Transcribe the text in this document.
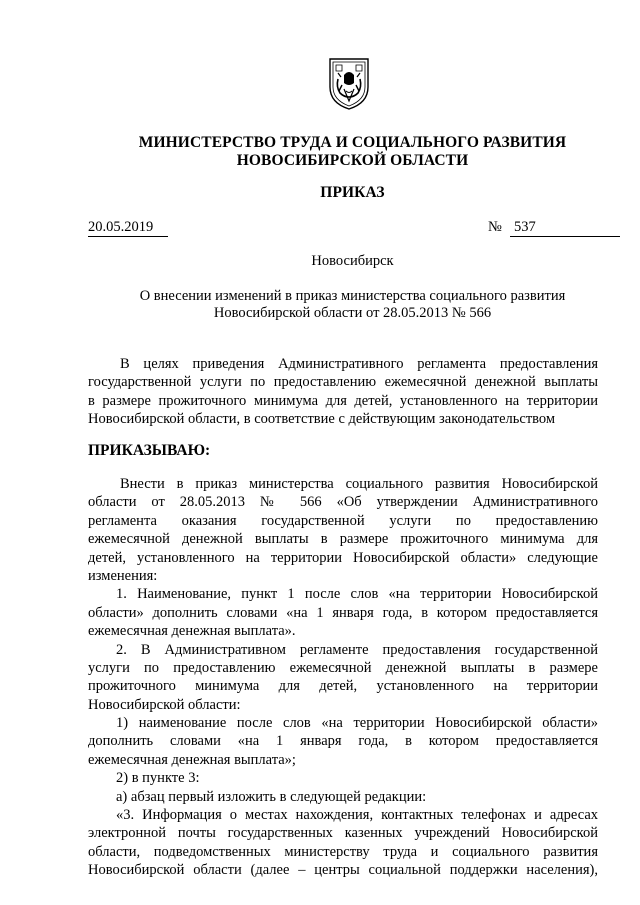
МИНИСТЕРСТВО ТРУДА И СОЦИАЛЬНОГО РАЗВИТИЯ
НОВОСИБИРСКОЙ ОБЛАСТИ
ПРИКАЗ
20.05.2019	№ 537
Новосибирск
О внесении изменений в приказ министерства социального развития
Новосибирской области от 28.05.2013 № 566
В целях приведения Административного регламента предоставления
государственной услуги по предоставлению ежемесячной денежной выплаты
в размере прожиточного минимума для детей, установленного на территории
Новосибирской области, в соответствие с действующим законодательством
ПРИКАЗЫВАЮ:
Внести в приказ министерства социального развития Новосибирской
области от 28.05.2013 № 566 «Об утверждении Административного
регламента оказания государственной услуги по предоставлению
ежемесячной денежной выплаты в размере прожиточного минимума для
детей, установленного на территории Новосибирской области» следующие
изменения:
1. Наименование, пункт 1 после слов «на территории Новосибирской
области» дополнить словами «на 1 января года, в котором предоставляется
ежемесячная денежная выплата».
2. В Административном регламенте предоставления государственной
услуги по предоставлению ежемесячной денежной выплаты в размере
прожиточного минимума для детей, установленного на территории
Новосибирской области:
1) наименование после слов «на территории Новосибирской области»
дополнить словами «на 1 января года, в котором предоставляется
ежемесячная денежная выплата»;
2) в пункте 3:
а) абзац первый изложить в следующей редакции:
«3. Информация о местах нахождения, контактных телефонах и адресах
электронной почты государственных казенных учреждений Новосибирской
области, подведомственных министерству труда и социального развития
Новосибирской области (далее – центры социальной поддержки населения),
